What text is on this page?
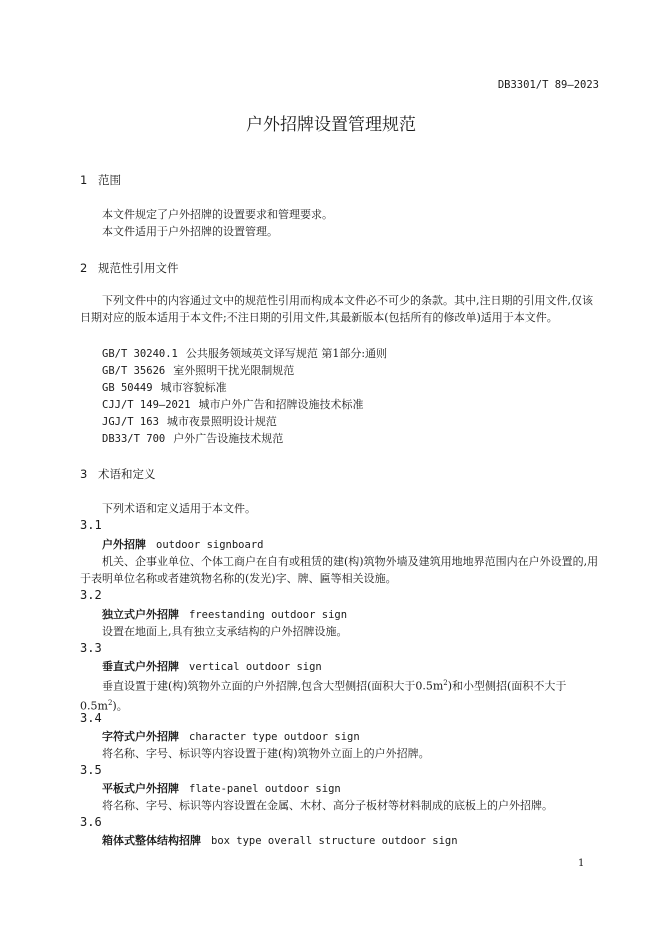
DB3301/T 89—2023
户外招牌设置管理规范
1 范围
本文件规定了户外招牌的设置要求和管理要求。
本文件适用于户外招牌的设置管理。
2 规范性引用文件
下列文件中的内容通过文中的规范性引用而构成本文件必不可少的条款。其中,注日期的引用文件,仅该日期对应的版本适用于本文件;不注日期的引用文件,其最新版本(包括所有的修改单)适用于本文件。
GB/T 30240.1 公共服务领域英文译写规范 第1部分:通则
GB/T 35626 室外照明干扰光限制规范
GB 50449 城市容貌标准
CJJ/T 149—2021 城市户外广告和招牌设施技术标准
JGJ/T 163 城市夜景照明设计规范
DB33/T 700 户外广告设施技术规范
3 术语和定义
下列术语和定义适用于本文件。
3.1
户外招牌 outdoor signboard
机关、企事业单位、个体工商户在自有或租赁的建(构)筑物外墙及建筑用地地界范围内在户外设置的,用于表明单位名称或者建筑物名称的(发光)字、牌、匾等相关设施。
3.2
独立式户外招牌 freestanding outdoor sign
设置在地面上,具有独立支承结构的户外招牌设施。
3.3
垂直式户外招牌 vertical outdoor sign
垂直设置于建(构)筑物外立面的户外招牌,包含大型侧招(面积大于$0.5m^2$)和小型侧招(面积不大于$0.5m^2$)。
3.4
字符式户外招牌 character type outdoor sign
将名称、字号、标识等内容设置于建(构)筑物外立面上的户外招牌。
3.5
平板式户外招牌 flate-panel outdoor sign
将名称、字号、标识等内容设置在金属、木材、高分子板材等材料制成的底板上的户外招牌。
3.6
箱体式整体结构招牌 box type overall structure outdoor sign
1
